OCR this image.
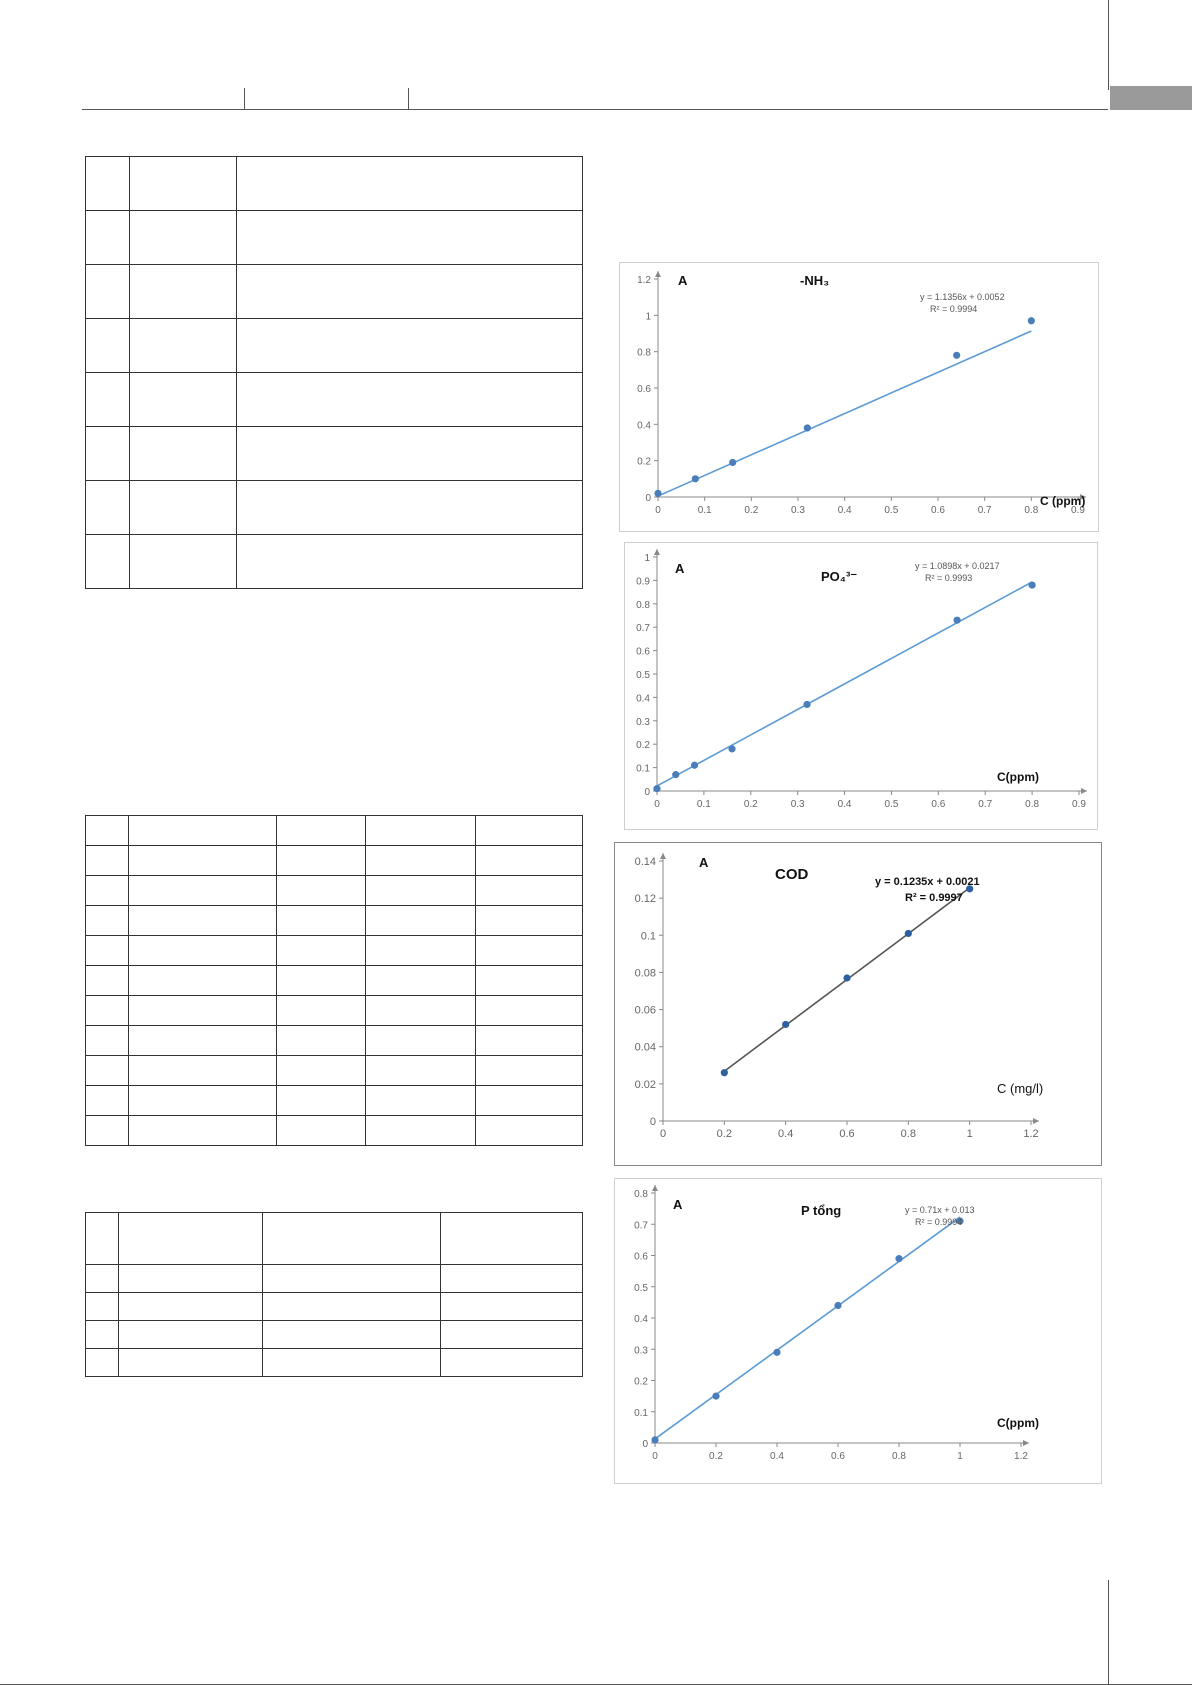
0	0.1	0.2	0.3	0.4	0.5	0.6	0.7	0.8	0.9
0
0.2
0.4
0.6
0.8
1
1.2 A	-NH₃
C (ppm)
y = 1.1356x + 0.0052
R² = 0.9994
0	0.1	0.2	0.3	0.4	0.5	0.6	0.7	0.8	0.9
0
0.1
0.2
0.3
0.4
0.5
0.6
0.7
0.8
0.9
1
A
PO₄³⁻
C(ppm)
y = 1.0898x + 0.0217
R² = 0.9993
0	0.2	0.4	0.6	0.8	1	1.2
0
0.02
0.04
0.06
0.08
0.1
0.12
0.14	A
COD
C (mg/l)
y = 0.1235x + 0.0021
R² = 0.9997
0	0.2	0.4	0.6	0.8	1	1.2
0
0.1
0.2
0.3
0.4
0.5
0.6
0.7
0.8
A	P tổng
C(ppm)
y = 0.71x + 0.013
R² = 0.9994
